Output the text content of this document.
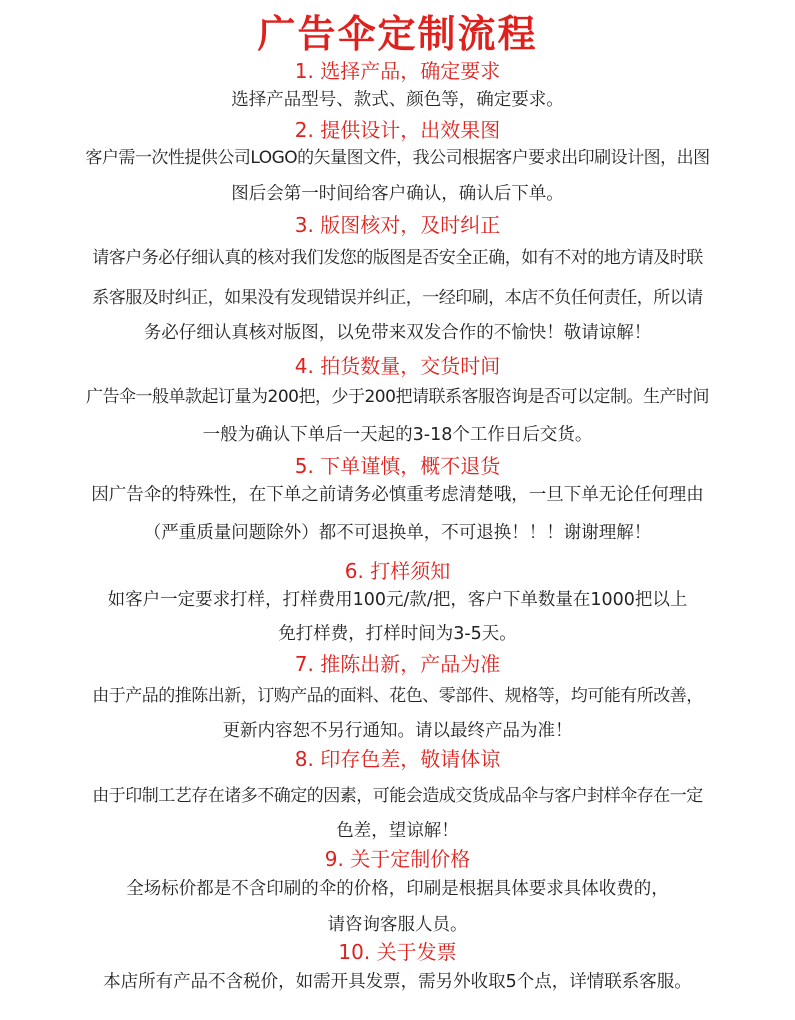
广告伞定制流程
1. 选择产品，确定要求
选择产品型号、款式、颜色等，确定要求。
2. 提供设计，出效果图
客户需一次性提供公司LOGO的矢量图文件，我公司根据客户要求出印刷设计图，出图
图后会第一时间给客户确认，确认后下单。
3. 版图核对，及时纠正
请客户务必仔细认真的核对我们发您的版图是否安全正确，如有不对的地方请及时联
系客服及时纠正，如果没有发现错误并纠正，一经印刷，本店不负任何责任，所以请
务必仔细认真核对版图，以免带来双发合作的不愉快！敬请谅解！
4. 拍货数量，交货时间
广告伞一般单款起订量为200把，少于200把请联系客服咨询是否可以定制。生产时间
一般为确认下单后一天起的3-18个工作日后交货。
5. 下单谨慎，概不退货
因广告伞的特殊性，在下单之前请务必慎重考虑清楚哦，一旦下单无论任何理由
（严重质量问题除外）都不可退换单，不可退换！！！谢谢理解！
6. 打样须知
如客户一定要求打样，打样费用100元/款/把，客户下单数量在1000把以上
免打样费，打样时间为3-5天。
7. 推陈出新，产品为准
由于产品的推陈出新，订购产品的面料、花色、零部件、规格等，均可能有所改善，
更新内容恕不另行通知。请以最终产品为准！
8. 印存色差，敬请体谅
由于印制工艺存在诸多不确定的因素，可能会造成交货成品伞与客户封样伞存在一定
色差，望谅解！
9. 关于定制价格
全场标价都是不含印刷的伞的价格，印刷是根据具体要求具体收费的，
请咨询客服人员。
10. 关于发票
本店所有产品不含税价，如需开具发票，需另外收取5个点，详情联系客服。
